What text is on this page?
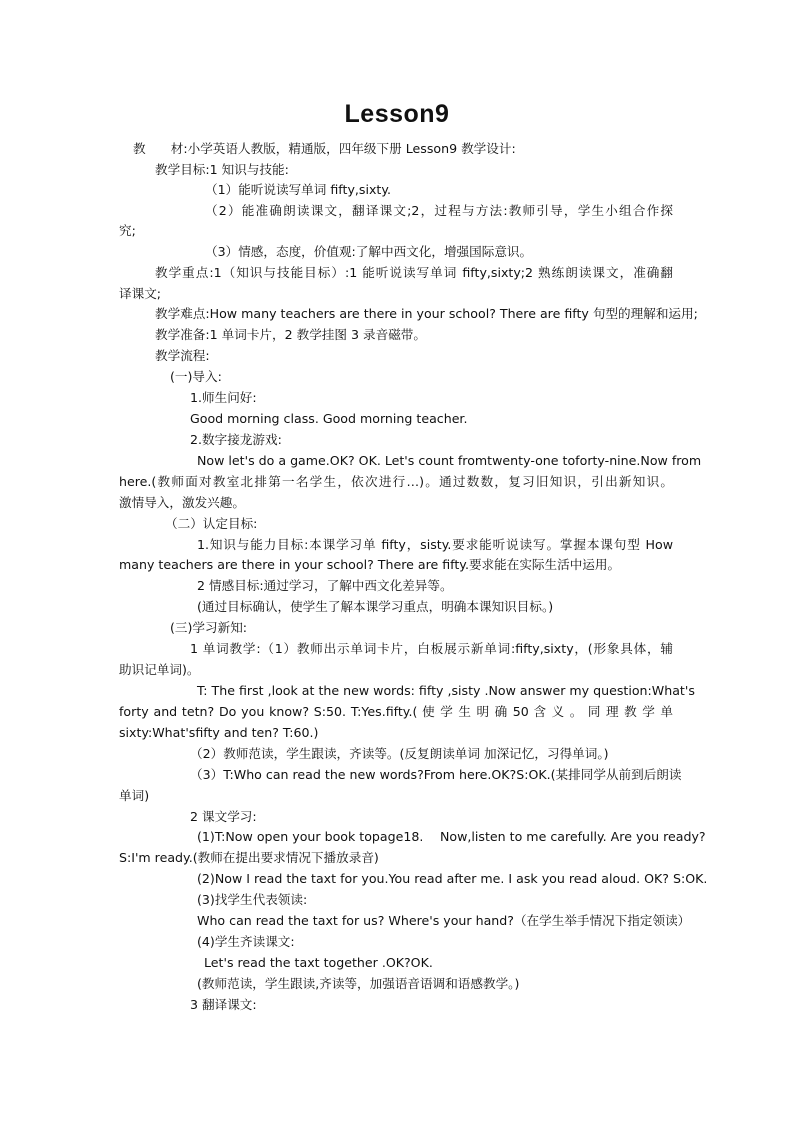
Lesson9
教　　材:小学英语人教版，精通版，四年级下册 Lesson9 教学设计:
教学目标:1 知识与技能:
（1）能听说读写单词 fifty,sixty.
（2）能准确朗读课文，翻译课文;2，过程与方法:教师引导，学生小组合作探
究;
（3）情感，态度，价值观:了解中西文化，增强国际意识。
教学重点:1（知识与技能目标）:1 能听说读写单词 fifty,sixty;2 熟练朗读课文，准确翻
译课文;
教学难点:How many teachers are there in your school? There are fifty 句型的理解和运用;
教学准备:1 单词卡片，2 教学挂图 3 录音磁带。
教学流程:
(一)导入:
1.师生问好:
Good morning class. Good morning teacher.
2.数字接龙游戏:
Now let's do a game.OK? OK. Let's count fromtwenty-one toforty-nine.Now from
here.(教师面对教室北排第一名学生，依次进行…)。通过数数，复习旧知识，引出新知识。
激情导入，激发兴趣。
（二）认定目标:
1.知识与能力目标:本课学习单 fifty，sisty.要求能听说读写。掌握本课句型 How
many teachers are there in your school? There are fifty.要求能在实际生活中运用。
2 情感目标:通过学习，了解中西文化差异等。
(通过目标确认，使学生了解本课学习重点，明确本课知识目标。)
(三)学习新知:
1 单词教学:（1）教师出示单词卡片，白板展示新单词:fifty,sixty，(形象具体，辅
助识记单词)。
T: The first ,look at the new words: fifty ,sisty .Now answer my question:What's
forty and tetn? Do you know? S:50. T:Yes.fifty.( 使 学 生 明 确 50 含 义 。 同 理 教 学 单
sixty:What'sfifty and ten? T:60.)
（2）教师范读，学生跟读，齐读等。(反复朗读单词 加深记忆，习得单词。)
（3）T:Who can read the new words?From here.OK?S:OK.(某排同学从前到后朗读
单词)
2 课文学习:
(1)T:Now open your book topage18.　 Now,listen to me carefully. Are you ready?
S:I'm ready.(教师在提出要求情况下播放录音)
(2)Now I read the taxt for you.You read after me. I ask you read aloud. OK? S:OK.
(3)找学生代表领读:
Who can read the taxt for us? Where's your hand?（在学生举手情况下指定领读）
(4)学生齐读课文:
Let's read the taxt together .OK?OK.
(教师范读，学生跟读,齐读等，加强语音语调和语感教学。)
3 翻译课文:
